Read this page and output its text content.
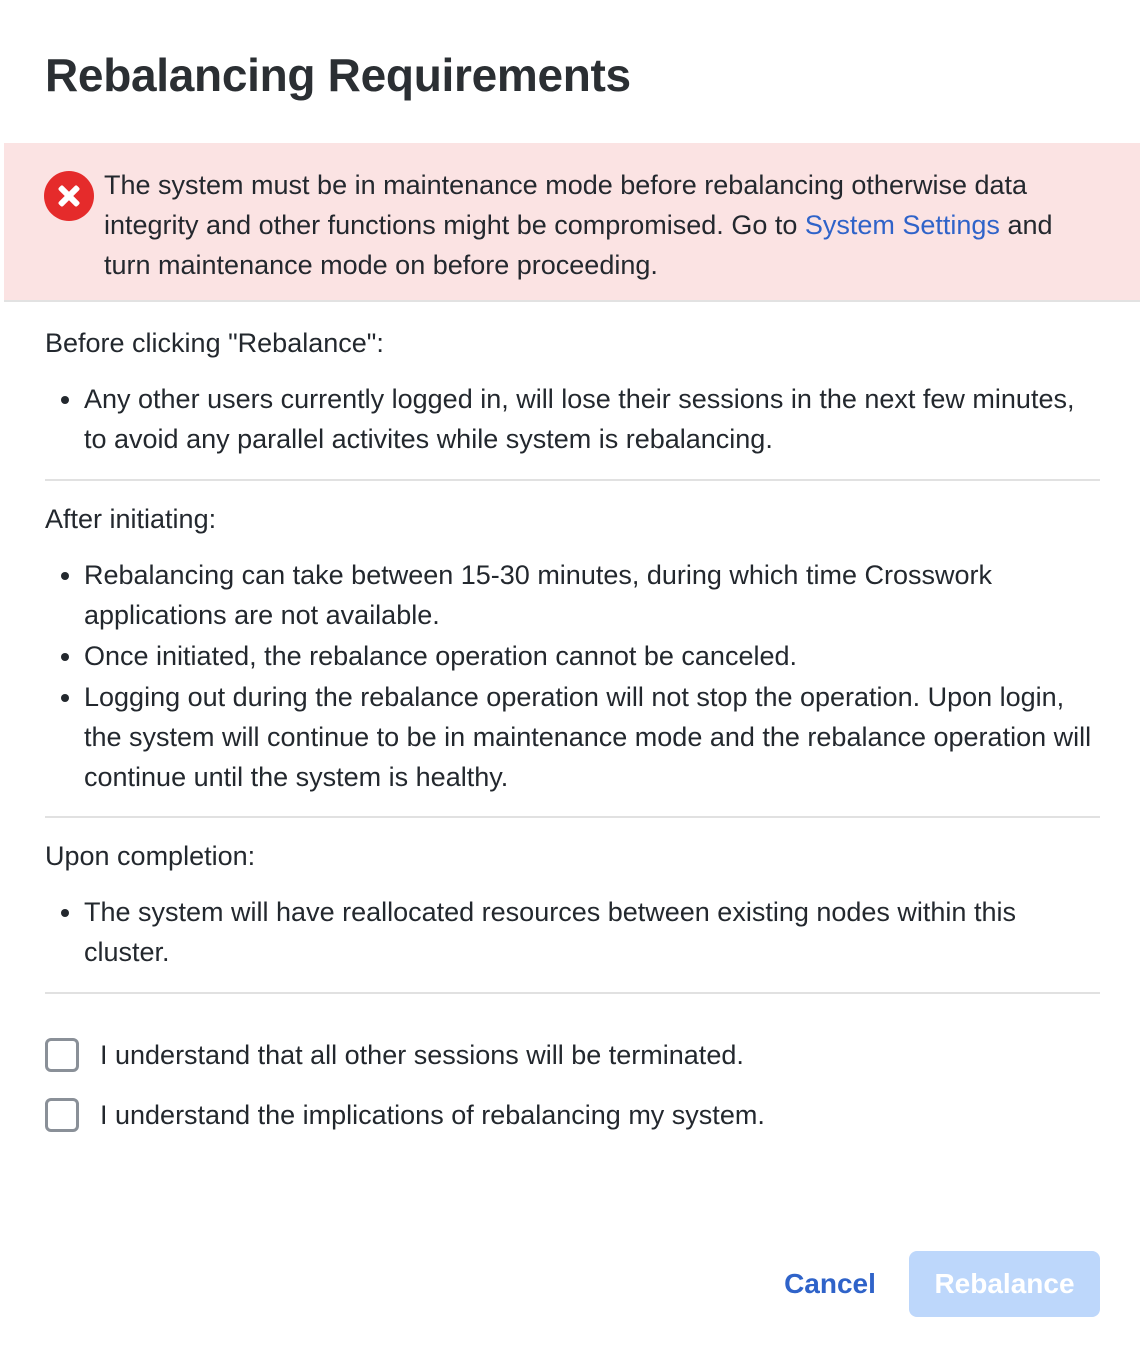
Rebalancing Requirements

The system must be in maintenance mode before rebalancing otherwise data integrity and other functions might be compromised. Go to System Settings and turn maintenance mode on before proceeding.

Before clicking "Rebalance":

• Any other users currently logged in, will lose their sessions in the next few minutes, to avoid any parallel activites while system is rebalancing.

After initiating:

• Rebalancing can take between 15-30 minutes, during which time Crosswork applications are not available.
• Once initiated, the rebalance operation cannot be canceled.
• Logging out during the rebalance operation will not stop the operation. Upon login, the system will continue to be in maintenance mode and the rebalance operation will continue until the system is healthy.

Upon completion:

• The system will have reallocated resources between existing nodes within this cluster.
I understand that all other sessions will be terminated.
I understand the implications of rebalancing my system.
Cancel	Rebalance
